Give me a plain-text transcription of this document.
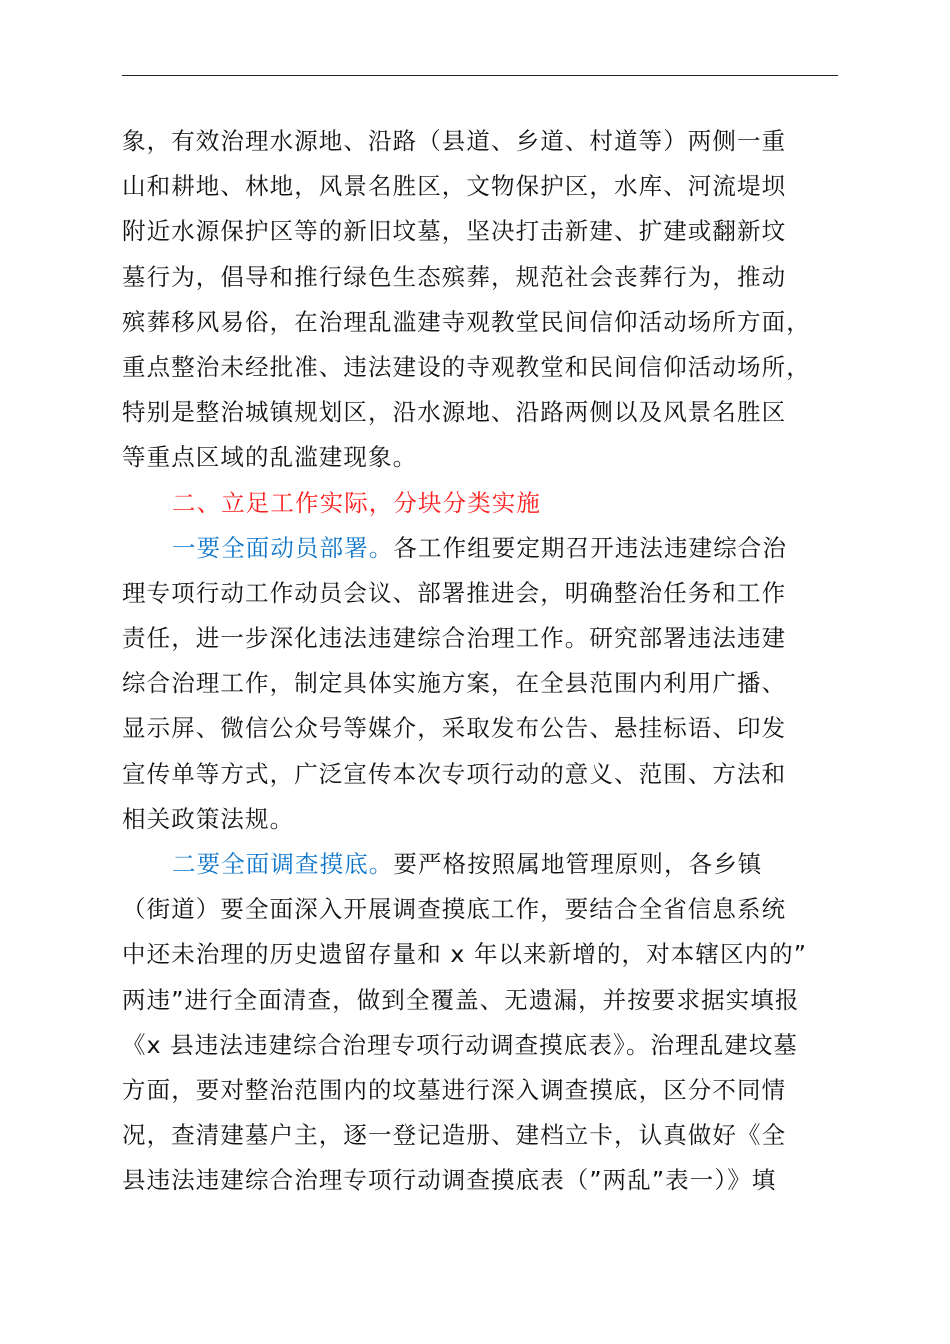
象，有效治理水源地、沿路（县道、乡道、村道等）两侧一重
山和耕地、林地，风景名胜区，文物保护区，水库、河流堤坝
附近水源保护区等的新旧坟墓，坚决打击新建、扩建或翻新坟
墓行为，倡导和推行绿色生态殡葬，规范社会丧葬行为，推动
殡葬移风易俗，在治理乱滥建寺观教堂民间信仰活动场所方面，
重点整治未经批准、违法建设的寺观教堂和民间信仰活动场所，
特别是整治城镇规划区，沿水源地、沿路两侧以及风景名胜区
等重点区域的乱滥建现象。
二、立足工作实际，分块分类实施
一要全面动员部署。各工作组要定期召开违法违建综合治
理专项行动工作动员会议、部署推进会，明确整治任务和工作
责任，进一步深化违法违建综合治理工作。研究部署违法违建
综合治理工作，制定具体实施方案，在全县范围内利用广播、
显示屏、微信公众号等媒介，采取发布公告、悬挂标语、印发
宣传单等方式，广泛宣传本次专项行动的意义、范围、方法和
相关政策法规。
二要全面调查摸底。要严格按照属地管理原则，各乡镇
（街道）要全面深入开展调查摸底工作，要结合全省信息系统
中还未治理的历史遗留存量和 x 年以来新增的，对本辖区内的”
两违”进行全面清查，做到全覆盖、无遗漏，并按要求据实填报
《x 县违法违建综合治理专项行动调查摸底表》。治理乱建坟墓
方面，要对整治范围内的坟墓进行深入调查摸底，区分不同情
况，查清建墓户主，逐一登记造册、建档立卡，认真做好《全
县违法违建综合治理专项行动调查摸底表（”两乱”表一）》填
